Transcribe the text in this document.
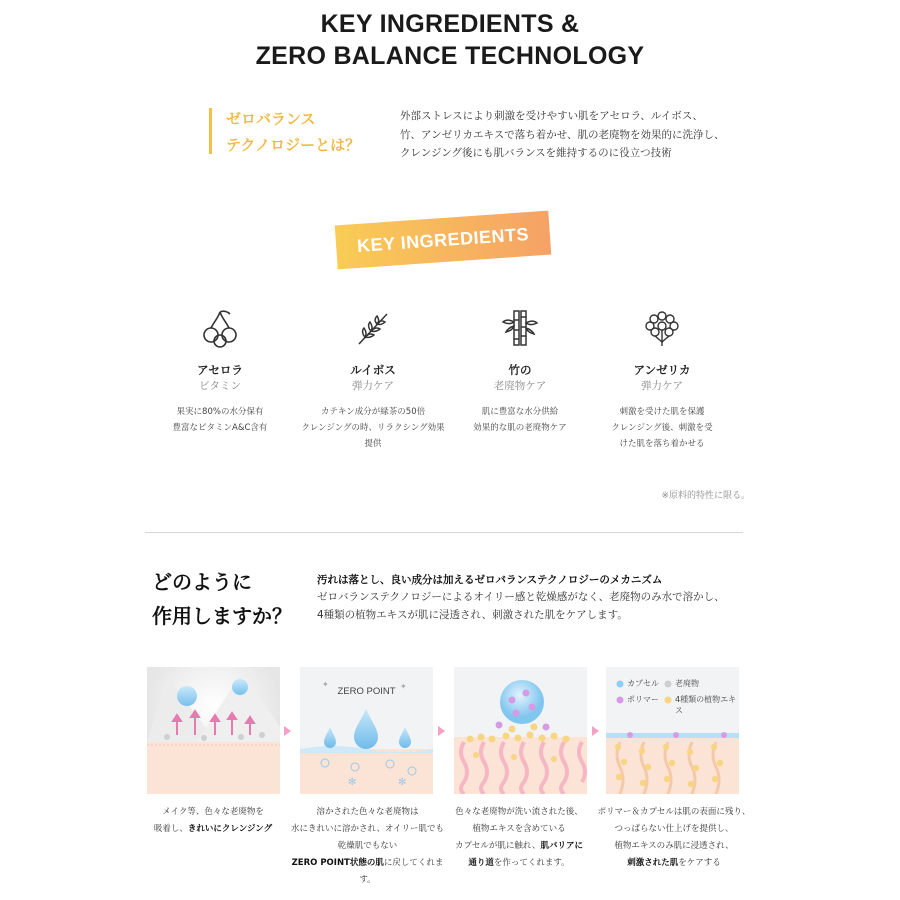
KEY INGREDIENTS &
ZERO BALANCE TECHNOLOGY
ゼロバランス
テクノロジーとは？
外部ストレスにより刺激を受けやすい肌をアセロラ、ルイボス、
竹、アンゼリカエキスで落ち着かせ、肌の老廃物を効果的に洗浄し、
クレンジング後にも肌バランスを維持するのに役立つ技術
KEY INGREDIENTS
アセロラ
ビタミン
果実に80%の水分保有
豊富なビタミンA&C含有
ルイボス
弾力ケア
カテキン成分が緑茶の50倍
クレンジングの時、リラクシング効果提供
竹の
老廃物ケア
肌に豊富な水分供給
効果的な肌の老廃物ケア
アンゼリカ
弾力ケア
刺激を受けた肌を保護
クレンジング後、刺激を受
けた肌を落ち着かせる
※原料的特性に限る。
どのように
作用しますか？
汚れは落とし、良い成分は加えるゼロバランステクノロジーのメカニズム
ゼロバランステクノロジーによるオイリー感と乾燥感がなく、老廃物のみ水で溶かし、
4種類の植物エキスが肌に浸透され、刺激された肌をケアします。
✦	✦
✻	✻
ZERO POINT
カプセル 老廃物
ポリマー 4種類の植物エキス
メイク等、色々な老廃物を
吸着し、きれいにクレンジング
溶かされた色々な老廃物は
水にきれいに溶かされ、オイリー肌でも
乾燥肌でもない
ZERO POINT状態の肌に戻してくれます。
色々な老廃物が洗い流された後、
植物エキスを含めている
カプセルが肌に触れ、肌バリアに
通り道を作ってくれます。
ポリマー＆カプセルは肌の表面に残り、
つっぱらない仕上げを提供し、
植物エキスのみ肌に浸透され、
刺激された肌をケアする
